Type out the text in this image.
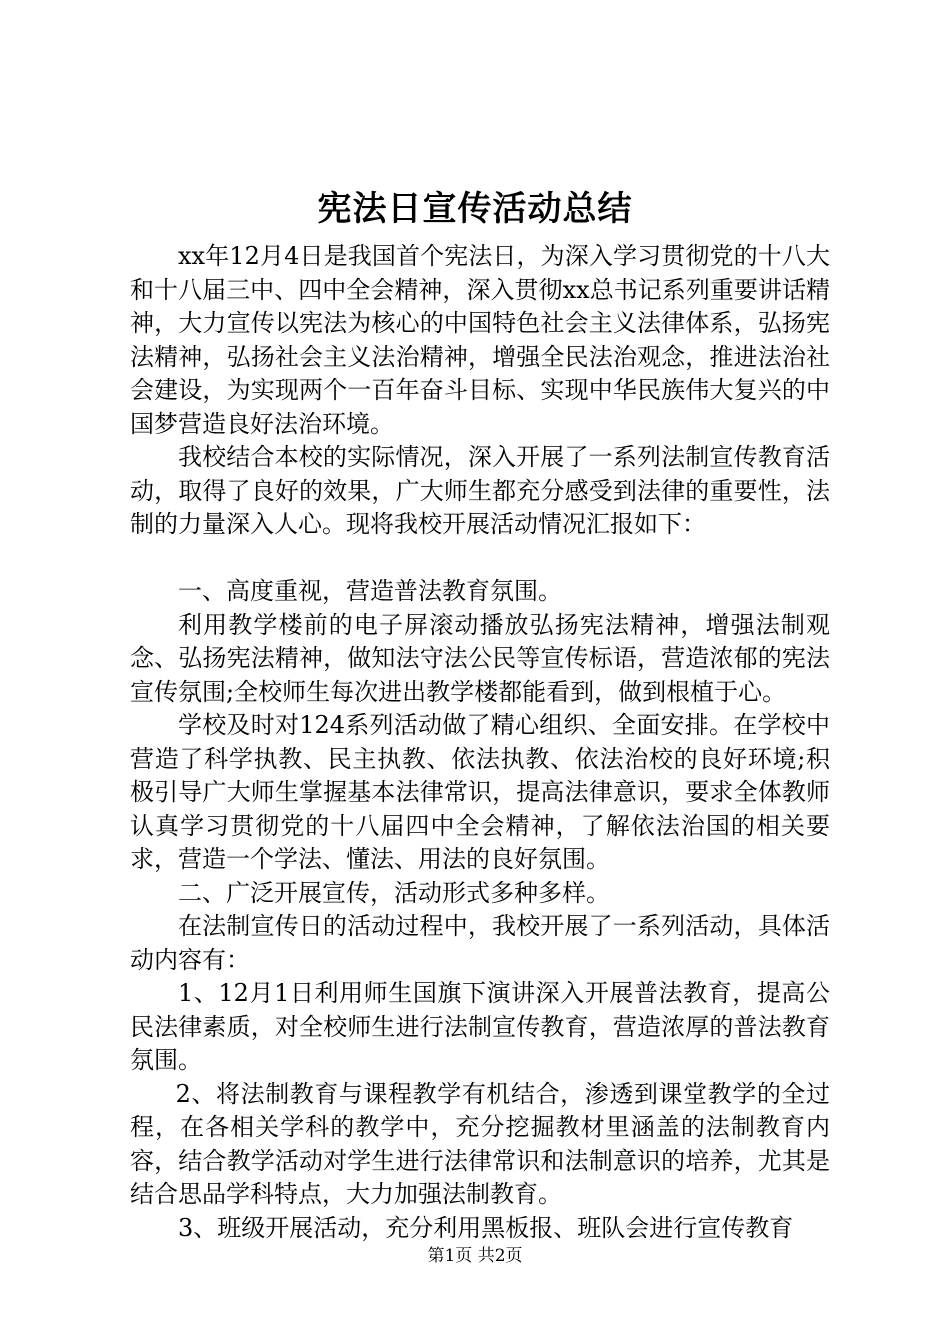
宪法日宣传活动总结

xx年12月4日是我国首个宪法日，为深入学习贯彻党的十八大和十八届三中、四中全会精神，深入贯彻xx总书记系列重要讲话精神，大力宣传以宪法为核心的中国特色社会主义法律体系，弘扬宪法精神，弘扬社会主义法治精神，增强全民法治观念，推进法治社会建设，为实现两个一百年奋斗目标、实现中华民族伟大复兴的中国梦营造良好法治环境。

我校结合本校的实际情况，深入开展了一系列法制宣传教育活动，取得了良好的效果，广大师生都充分感受到法律的重要性，法制的力量深入人心。现将我校开展活动情况汇报如下：

一、高度重视，营造普法教育氛围。

利用教学楼前的电子屏滚动播放弘扬宪法精神，增强法制观念、弘扬宪法精神，做知法守法公民等宣传标语，营造浓郁的宪法宣传氛围;全校师生每次进出教学楼都能看到，做到根植于心。

学校及时对124系列活动做了精心组织、全面安排。在学校中营造了科学执教、民主执教、依法执教、依法治校的良好环境;积极引导广大师生掌握基本法律常识，提高法律意识，要求全体教师认真学习贯彻党的十八届四中全会精神，了解依法治国的相关要求，营造一个学法、懂法、用法的良好氛围。

二、广泛开展宣传，活动形式多种多样。

在法制宣传日的活动过程中，我校开展了一系列活动，具体活动内容有：

1、12月1日利用师生国旗下演讲深入开展普法教育，提高公民法律素质，对全校师生进行法制宣传教育，营造浓厚的普法教育氛围。

2、将法制教育与课程教学有机结合，渗透到课堂教学的全过程，在各相关学科的教学中，充分挖掘教材里涵盖的法制教育内容，结合教学活动对学生进行法律常识和法制意识的培养，尤其是结合思品学科特点，大力加强法制教育。

3、班级开展活动，充分利用黑板报、班队会进行宣传教育

第1页 共2页
